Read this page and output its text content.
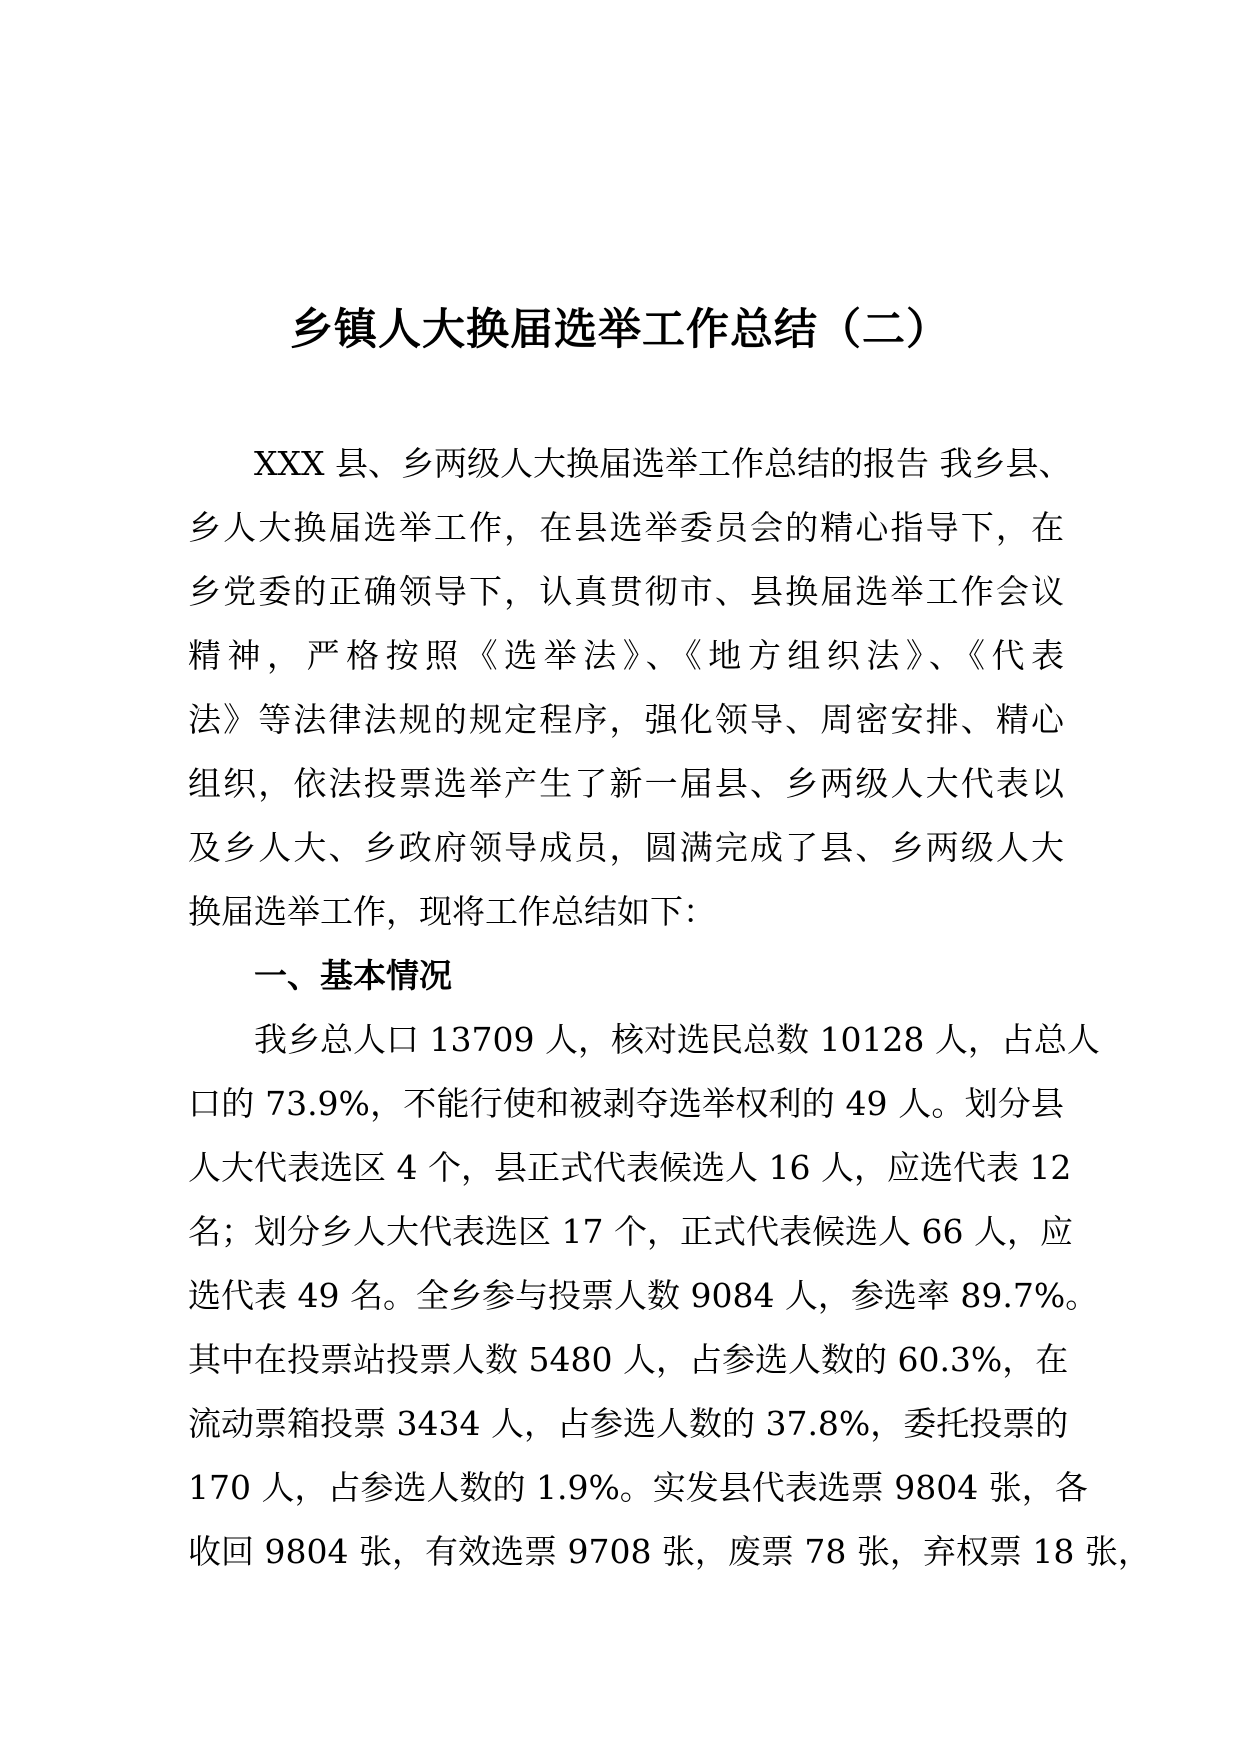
乡镇人大换届选举工作总结（二）
XXX 县、乡两级人大换届选举工作总结的报告 我乡县、
乡人大换届选举工作，在县选举委员会的精心指导下，在
乡党委的正确领导下，认真贯彻市、县换届选举工作会议
精神，严格按照《选举法》、《地方组织法》、《代表
法》等法律法规的规定程序，强化领导、周密安排、精心
组织，依法投票选举产生了新一届县、乡两级人大代表以
及乡人大、乡政府领导成员，圆满完成了县、乡两级人大
换届选举工作，现将工作总结如下：
一、基本情况
我乡总人口 13709 人，核对选民总数 10128 人，占总人
口的 73.9%，不能行使和被剥夺选举权利的 49 人。划分县
人大代表选区 4 个，县正式代表候选人 16 人，应选代表 12
名；划分乡人大代表选区 17 个，正式代表候选人 66 人，应
选代表 49 名。全乡参与投票人数 9084 人，参选率 89.7%。
其中在投票站投票人数 5480 人，占参选人数的 60.3%，在
流动票箱投票 3434 人，占参选人数的 37.8%，委托投票的
170 人，占参选人数的 1.9%。实发县代表选票 9804 张，各
收回 9804 张，有效选票 9708 张，废票 78 张，弃权票 18 张，
